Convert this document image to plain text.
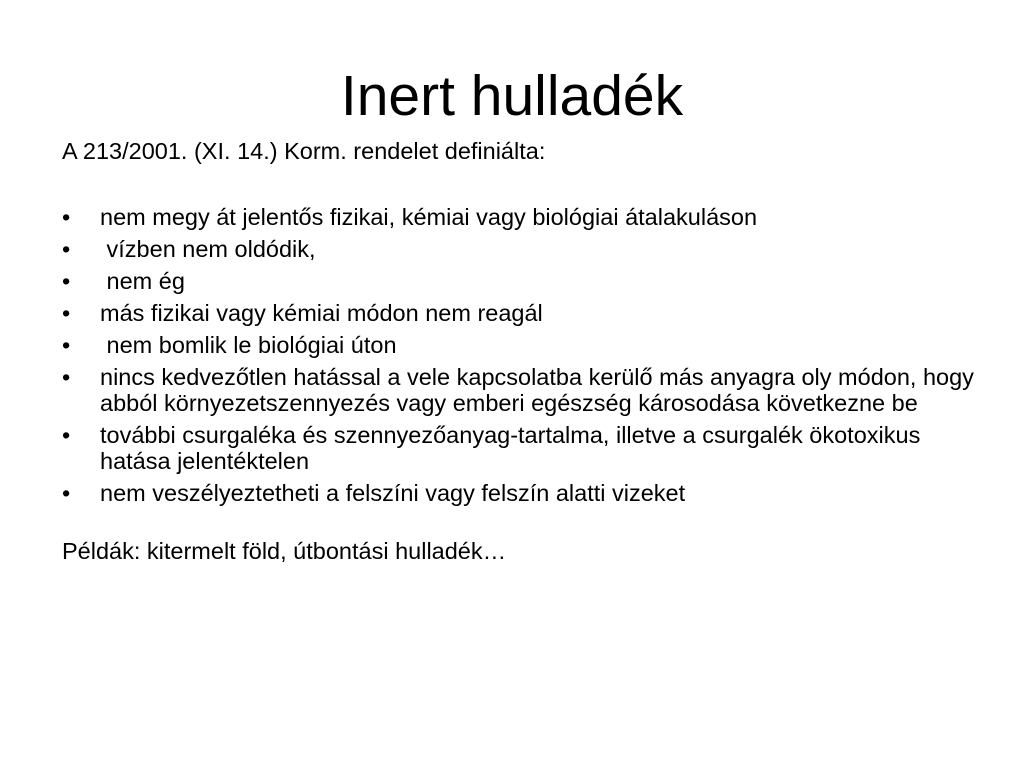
Inert hulladék

A 213/2001. (XI. 14.) Korm. rendelet definiálta:

• nem megy át jelentős fizikai, kémiai vagy biológiai átalakuláson
• vízben nem oldódik,
• nem ég
• más fizikai vagy kémiai módon nem reagál
• nem bomlik le biológiai úton
• nincs kedvezőtlen hatással a vele kapcsolatba kerülő más anyagra oly módon, hogy abból környezetszennyezés vagy emberi egészség károsodása következne be
• további csurgaléka és szennyezőanyag-tartalma, illetve a csurgalék ökotoxikus hatása jelentéktelen
• nem veszélyeztetheti a felszíni vagy felszín alatti vizeket

Példák: kitermelt föld, útbontási hulladék…
